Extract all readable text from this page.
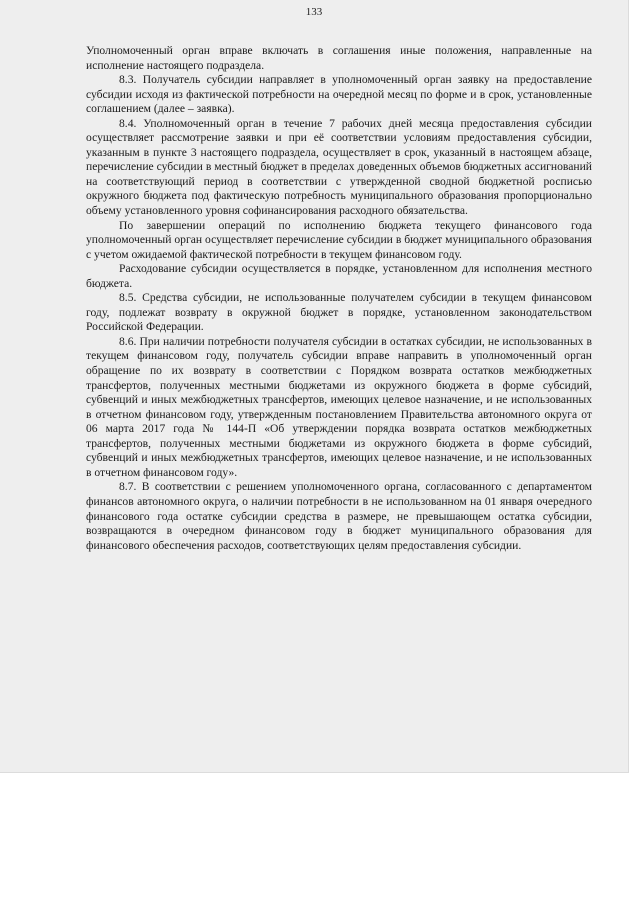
133

Уполномоченный орган вправе включать в соглашения иные положения, направленные на исполнение настоящего подраздела.

8.3. Получатель субсидии направляет в уполномоченный орган заявку на предоставление субсидии исходя из фактической потребности на очередной месяц по форме и в срок, установленные соглашением (далее – заявка).

8.4. Уполномоченный орган в течение 7 рабочих дней месяца предоставления субсидии осуществляет рассмотрение заявки и при её соответствии условиям предоставления субсидии, указанным в пункте 3 настоящего подраздела, осуществляет в срок, указанный в настоящем абзаце, перечисление субсидии в местный бюджет в пределах доведенных объемов бюджетных ассигнований на соответствующий период в соответствии с утвержденной сводной бюджетной росписью окружного бюджета под фактическую потребность муниципального образования пропорционально объему установленного уровня софинансирования расходного обязательства.

По завершении операций по исполнению бюджета текущего финансового года уполномоченный орган осуществляет перечисление субсидии в бюджет муниципального образования с учетом ожидаемой фактической потребности в текущем финансовом году.

Расходование субсидии осуществляется в порядке, установленном для исполнения местного бюджета.

8.5. Средства субсидии, не использованные получателем субсидии в текущем финансовом году, подлежат возврату в окружной бюджет в порядке, установленном законодательством Российской Федерации.

8.6. При наличии потребности получателя субсидии в остатках субсидии, не использованных в текущем финансовом году, получатель субсидии вправе направить в уполномоченный орган обращение по их возврату в соответствии с Порядком возврата остатков межбюджетных трансфертов, полученных местными бюджетами из окружного бюджета в форме субсидий, субвенций и иных межбюджетных трансфертов, имеющих целевое назначение, и не использованных в отчетном финансовом году, утвержденным постановлением Правительства автономного округа от 06 марта 2017 года № 144-П «Об утверждении порядка возврата остатков межбюджетных трансфертов, полученных местными бюджетами из окружного бюджета в форме субсидий, субвенций и иных межбюджетных трансфертов, имеющих целевое назначение, и не использованных в отчетном финансовом году».

8.7. В соответствии с решением уполномоченного органа, согласованного с департаментом финансов автономного округа, о наличии потребности в не использованном на 01 января очередного финансового года остатке субсидии средства в размере, не превышающем остатка субсидии, возвращаются в очередном финансовом году в бюджет муниципального образования для финансового обеспечения расходов, соответствующих целям предоставления субсидии.
